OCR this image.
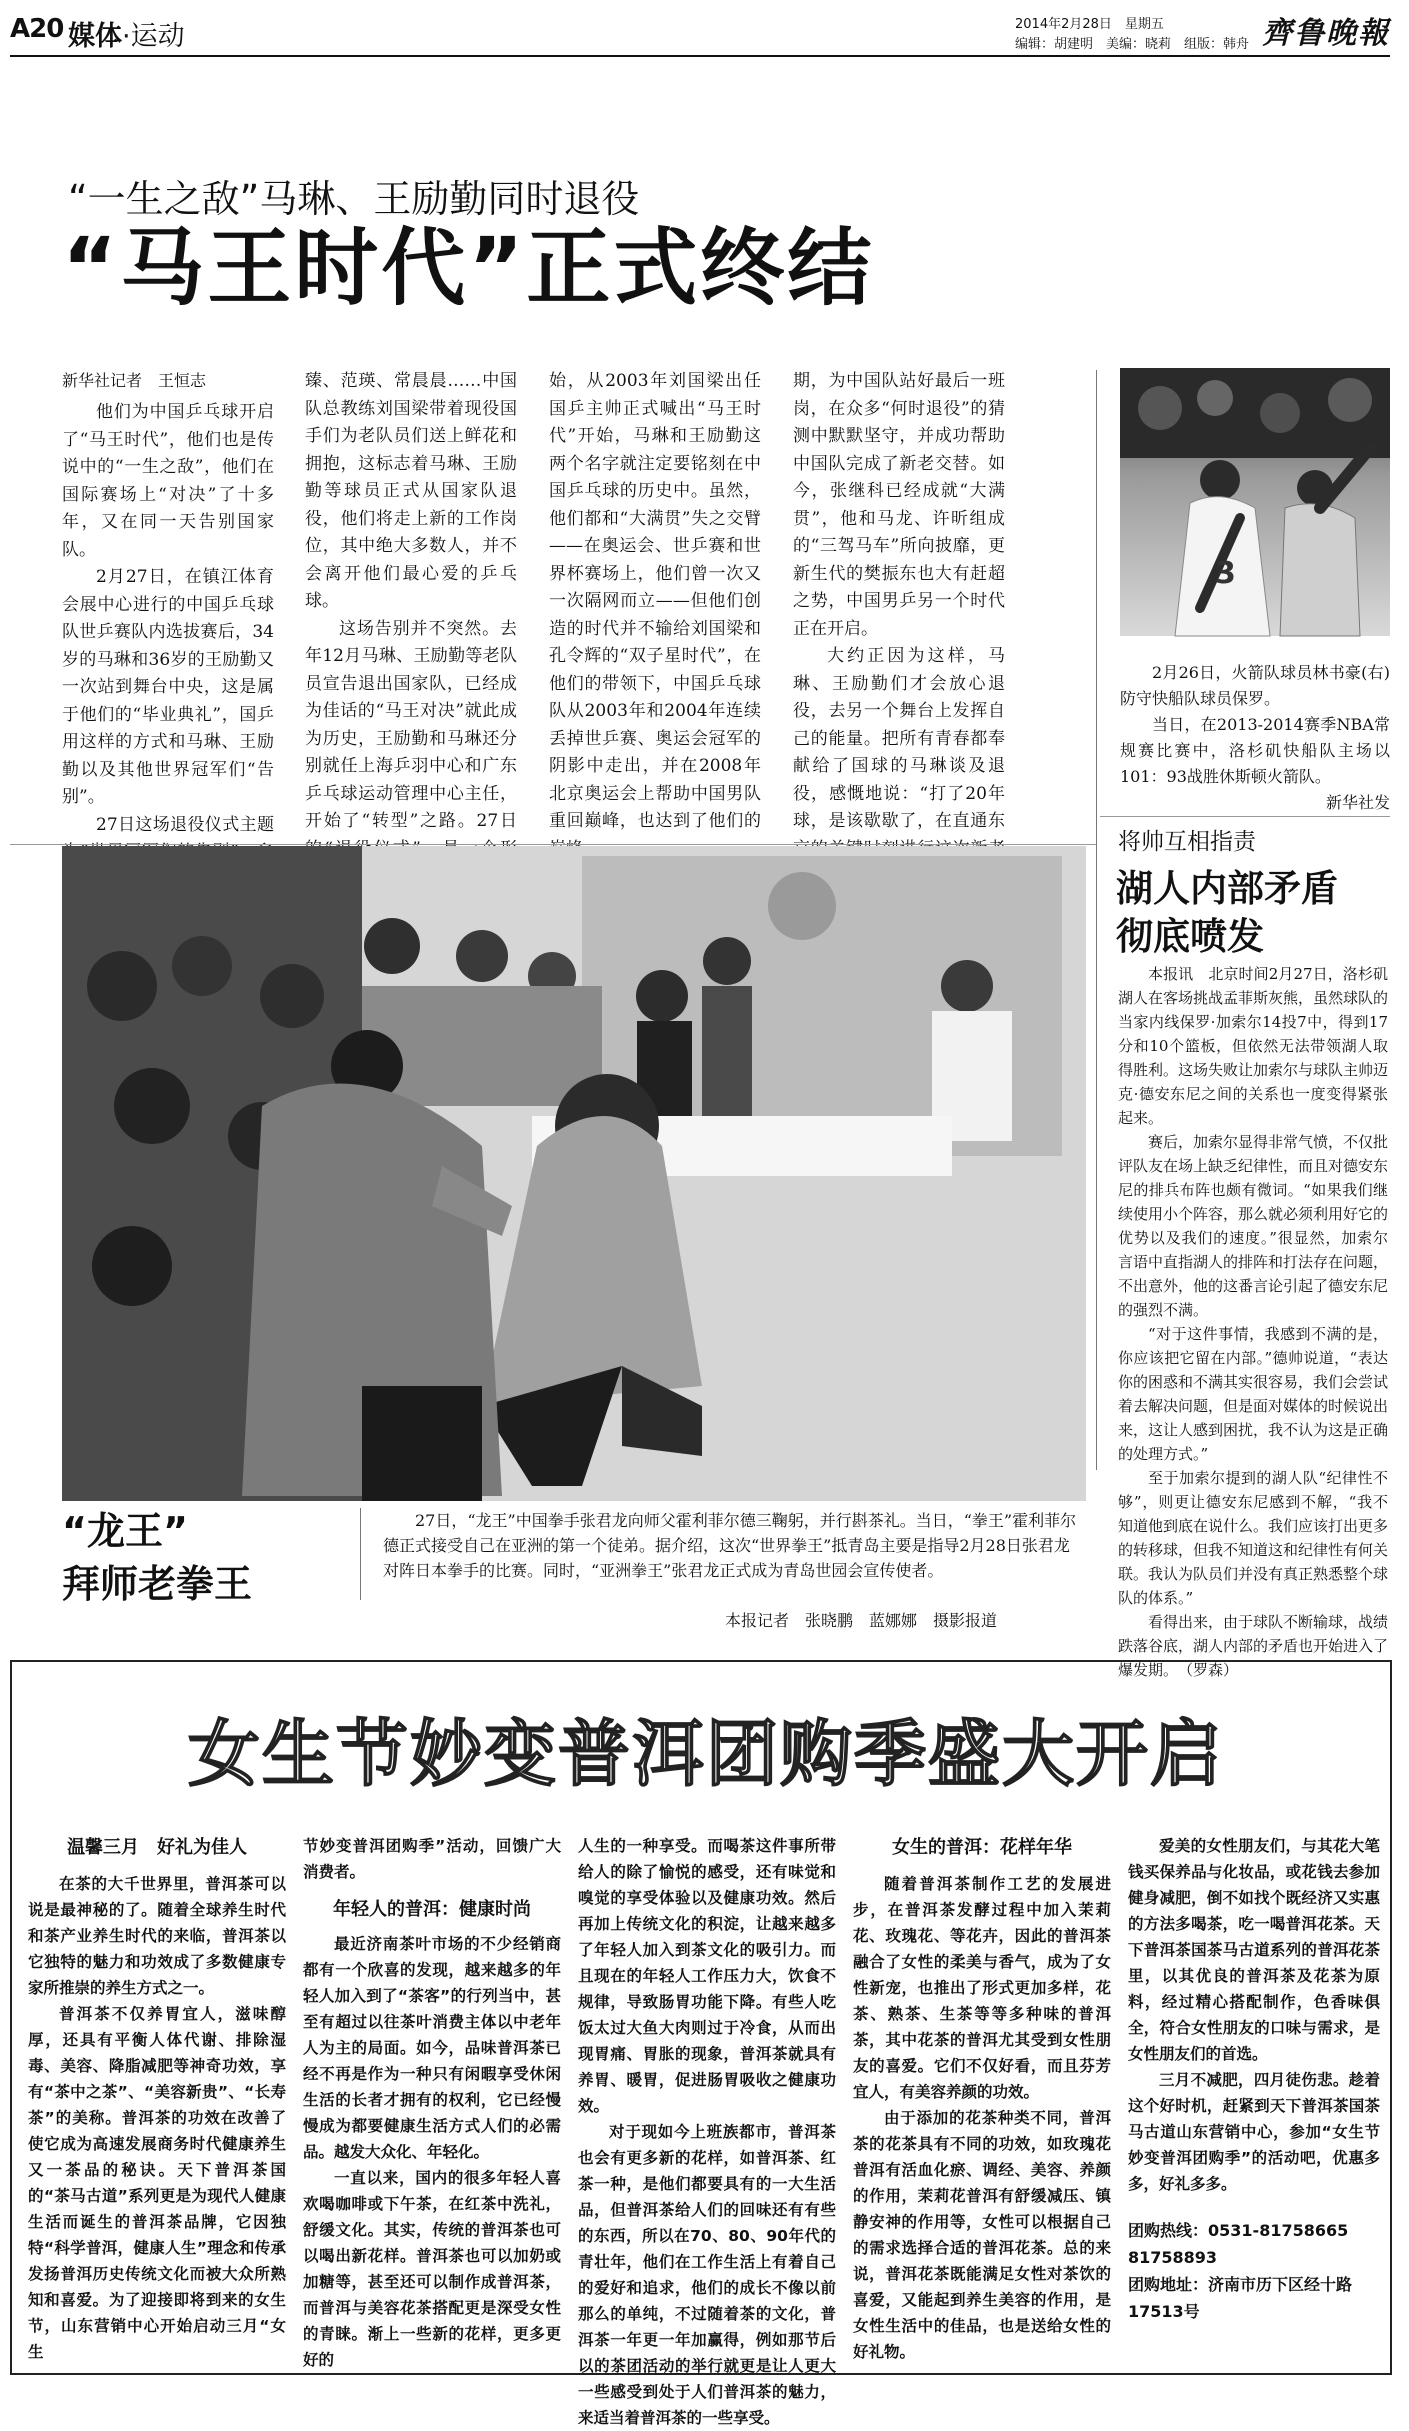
A20 媒体·运动	2014年2月28日　星期五
编辑：胡建明　美编：晓莉　组版：韩舟 齊鲁晚報
“一生之敌”马琳、王励勤同时退役
“马王时代”正式终结

新华社记者　王恒志

他们为中国乒乓球开启了“马王时代”，他们也是传说中的“一生之敌”，他们在国际赛场上“对决”了十多年，又在同一天告别国家队。

2月27日，在镇江体育会展中心进行的中国乒乓球队世乒赛队内选拔赛后，34岁的马琳和36岁的王励勤又一次站到舞台中央，这是属于他们的“毕业典礼”，国乒用这样的方式和马琳、王励勤以及其他世界冠军们“告别”。

27日这场退役仪式主题

臻、范瑛、常晨晨……中国队总教练刘国梁带着现役国手们为老队员们送上鲜花和拥抱，这标志着马琳、王励勤等球员正式从国家队退役，他们将走上新的工作岗位，其中绝大多数人，并不会离开他们最心爱的乒乓球。

这场告别并不突然。去年12月马琳、王励勤等老队员宣告退出国家队，已经成为佳话的“马王对决”就此成为历史，王励勤和马琳还分别就任上海乒羽中心和广东乒乓球运动管理中心主任，开始了“转型”之路。27日

始，从2003年刘国梁出任国乒主帅正式喊出“马王时代”开始，马琳和王励勤这两个名字就注定要铭刻在中国乒乓球的历史中。虽然，他们都和“大满贯”失之交臂——在奥运会、世乒赛和世界杯赛场上，他们曾一次又一次隔网而立——但他们创造的时代并不输给刘国梁和孔令辉的“双子星时代”，在他们的带领下，中国乒乓球队从2003年和2004年连续丢掉世乒赛、奥运会冠军的阴影中走出，并在2008年北京奥运会上帮助中国男队重回巅峰，也达到了他们的

期，为中国队站好最后一班岗，在众多“何时退役”的猜测中默默坚守，并成功帮助中国队完成了新老交替。如今，张继科已经成就“大满贯”，他和马龙、许昕组成的“三驾马车”所向披靡，更新生代的樊振东也大有赶超之势，中国男乒另一个时代正在开启。

大约正因为这样，马琳、王励勤们才会放心退役，去另一个舞台上发挥自己的能量。把所有青春都奉献给了国球的马琳谈及退役，感慨地说：“打了20年球，是该歇歇了，在直通东

3

2月26日，火箭队球员林书豪(右)防守快船队球员保罗。

当日，在2013-2014赛季NBA常规赛比赛中，洛杉矶快船队主场以101：93战胜休斯顿火箭队。

新华社发

将帅互相指责
湖人内部矛盾
彻底喷发

本报讯　北京时间2月27日，洛杉矶湖人在客场挑战孟菲斯灰熊，虽然球队的当家内线保罗·加索尔14投7中，得到17分和10个篮板，但依然无法带领湖人取得胜利。这场失败让加索尔与球队主帅迈克·德安东尼之间的关系也一度变得紧张起来。

赛后，加索尔显得非常气愤，不仅批评队友在场上缺乏纪律性，而且对德安东尼的排兵布阵也颇有微词。“如果我们继续使用小个阵容，那么就必须利用好它的优势以及我们的速度。”很显然，加索尔言语中直指湖人的排阵和打法存在问题，不出意外，他的这番言论引起了德安东尼的强烈不满。

“对于这件事情，我感到不满的是，你应该把它留在内部。”德帅说道，“表达你的困惑和不满其实很容易，我们会尝试着去解决问题，但是面对媒体的时候说出来，这让人感到困扰，我不认为这是正确的处理方式。”

至于加索尔提到的湖人队“纪律性不够”，则更让德安东尼感到不解，“我不知道他到底在说什么。我们应该打出更多的转移球，但我不知道这和纪律性有何关联。我认为队员们并没有真正熟悉整个球队的体系。”

看得出来，由于球队不断输球，战绩跌落谷底，湖人内部的矛盾也开始进入了爆发期。　（罗森）

“龙王”
拜师老拳王

27日，“龙王”中国拳手张君龙向师父霍利菲尔德三鞠躬，并行斟茶礼。当日，“拳王”霍利菲尔德正式接受自己在亚洲的第一个徒弟。据介绍，这次“世界拳王”抵青岛主要是指导2月28日张君龙对阵日本拳手的比赛。同时，“亚洲拳王”张君龙正式成为青岛世园会宣传使者。

本报记者　张晓鹏　蓝娜娜　摄影报道
女生节妙变普洱团购季盛大开启

温馨三月　好礼为佳人

在茶的大千世界里，普洱茶可以说是最神秘的了。随着全球养生时代和茶产业养生时代的来临，普洱茶以它独特的魅力和功效成了多数健康专家所推崇的养生方式之一。

普洱茶不仅养胃宜人，滋味醇厚，还具有平衡人体代谢、排除湿毒、美容、降脂减肥等神奇功效，享有“茶中之茶”、“美容新贵”、“长寿茶”的美称。普洱茶的功效在改善了使它成为高速发展商务时代健康养生又一茶品的秘诀。天下普洱茶国的“茶马古道”系列更是为现代人健康生活而诞生的普洱茶品牌，它因独特“科学普洱，健康人生”理念和传承发扬普洱历史传统文化而被大众所熟知和喜爱。为了迎接即将到来的女生节，山东营销中心开始启动三月“女生

节妙变普洱团购季”活动，回馈广大消费者。

年轻人的普洱：健康时尚

最近济南茶叶市场的不少经销商都有一个欣喜的发现，越来越多的年轻人加入到了“茶客”的行列当中，甚至有超过以往茶叶消费主体以中老年人为主的局面。如今，品味普洱茶已经不再是作为一种只有闲暇享受休闲生活的长者才拥有的权利，它已经慢慢成为都要健康生活方式人们的必需品。越发大众化、年轻化。

一直以来，国内的很多年轻人喜欢喝咖啡或下午茶，在红茶中洗礼，舒缓文化。其实，传统的普洱茶也可以喝出新花样。普洱茶也可以加奶或加糖等，甚至还可以制作成普洱茶，而普洱与美容花茶搭配更是深受女性的青睐。渐上一些新的花样，更多更好的

人生的一种享受。而喝茶这件事所带给人的除了愉悦的感受，还有味觉和嗅觉的享受体验以及健康功效。然后再加上传统文化的积淀，让越来越多了年轻人加入到茶文化的吸引力。而且现在的年轻人工作压力大，饮食不规律，导致肠胃功能下降。有些人吃饭太过大鱼大肉则过于冷食，从而出现胃痛、胃胀的现象，普洱茶就具有养胃、暖胃，促进肠胃吸收之健康功效。

对于现如今上班族都市，普洱茶也会有更多新的花样，如普洱茶、红茶一种，是他们都要具有的一大生活品，但普洱茶给人们的回味还有有些的东西，所以在70、80、90年代的青壮年，他们在工作生活上有着自己的爱好和追求，他们的成长不像以前那么的单纯，不过随着茶的文化，普洱茶一年更一年加赢得，例如那节后以的茶团活动的举行就更是让人更大一些感受到处于人们普洱茶的魅力，来适当着普洱茶的一些享受。

女生的普洱：花样年华

随着普洱茶制作工艺的发展进步，在普洱茶发酵过程中加入茉莉花、玫瑰花、等花卉，因此的普洱茶融合了女性的柔美与香气，成为了女性新宠，也推出了形式更加多样，花茶、熟茶、生茶等等多种味的普洱茶，其中花茶的普洱尤其受到女性朋友的喜爱。它们不仅好看，而且芬芳宜人，有美容养颜的功效。

由于添加的花茶种类不同，普洱茶的花茶具有不同的功效，如玫瑰花普洱有活血化瘀、调经、美容、养颜的作用，茉莉花普洱有舒缓减压、镇静安神的作用等，女性可以根据自己的需求选择合适的普洱花茶。总的来说，普洱花茶既能满足女性对茶饮的喜爱，又能起到养生美容的作用，是女性生活中的佳品，也是送给女性的好礼物。

爱美的女性朋友们，与其花大笔钱买保养品与化妆品，或花钱去参加健身减肥，倒不如找个既经济又实惠的方法多喝茶，吃一喝普洱花茶。天下普洱茶国茶马古道系列的普洱花茶里，以其优良的普洱茶及花茶为原料，经过精心搭配制作，色香味俱全，符合女性朋友的口味与需求，是女性朋友们的首选。

三月不减肥，四月徒伤悲。趁着这个好时机，赶紧到天下普洱茶国茶马古道山东营销中心，参加“女生节妙变普洱团购季”的活动吧，优惠多多，好礼多多。

团购热线：0531-81758665
81758893
团购地址：济南市历下区经十路17513号
